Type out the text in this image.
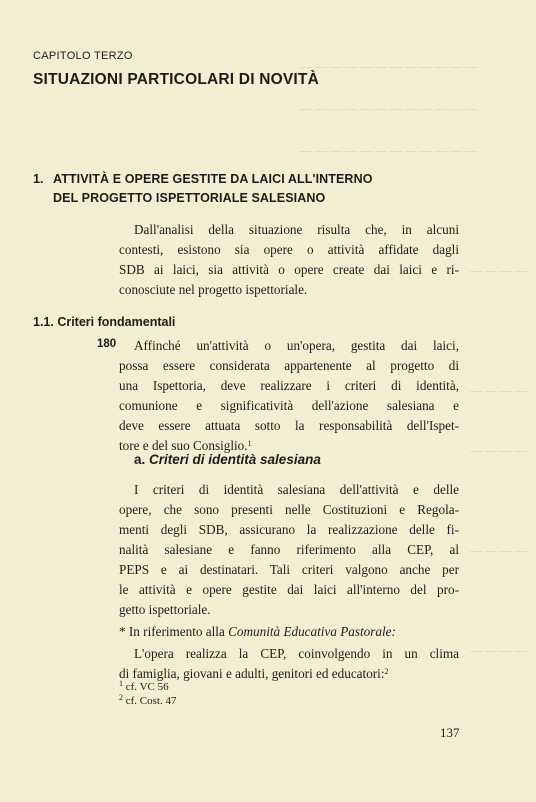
— — — — — — — — — — — —
— — — — — — — — — — — —
— — — — — — — — — — — —
— — — —
— — — —
— — — —
— — — —
— — — —
CAPITOLO TERZO
SITUAZIONI PARTICOLARI DI NOVITÀ
1. ATTIVITÀ E OPERE GESTITE DA LAICI ALL'INTERNO
DEL PROGETTO ISPETTORIALE SALESIANO
Dall'analisi della situazione risulta che, in alcuni
contesti, esistono sia opere o attività affidate dagli
SDB ai laici, sia attività o opere create dai laici e ri-
conosciute nel progetto ispettoriale.
1.1. Criteri fondamentali
180 Affinché un'attività o un'opera, gestita dai laici,
possa essere considerata appartenente al progetto di
una Ispettoria, deve realizzare i criteri di identità,
comunione e significatività dell'azione salesiana e
deve essere attuata sotto la responsabilità dell'Ispet-
tore e del suo Consiglio.$^1$
a. Criteri di identità salesiana
I criteri di identità salesiana dell'attività e delle
opere, che sono presenti nelle Costituzioni e Regola-
menti degli SDB, assicurano la realizzazione delle fi-
nalità salesiane e fanno riferimento alla CEP, al
PEPS e ai destinatari. Tali criteri valgono anche per
le attività e opere gestite dai laici all'interno del pro-
getto ispettoriale.
* In riferimento alla Comunità Educativa Pastorale:
L'opera realizza la CEP, coinvolgendo in un clima
di famiglia, giovani e adulti, genitori ed educatori:$^2$
$^1$ cf. VC 56
$^2$ cf. Cost. 47
137
